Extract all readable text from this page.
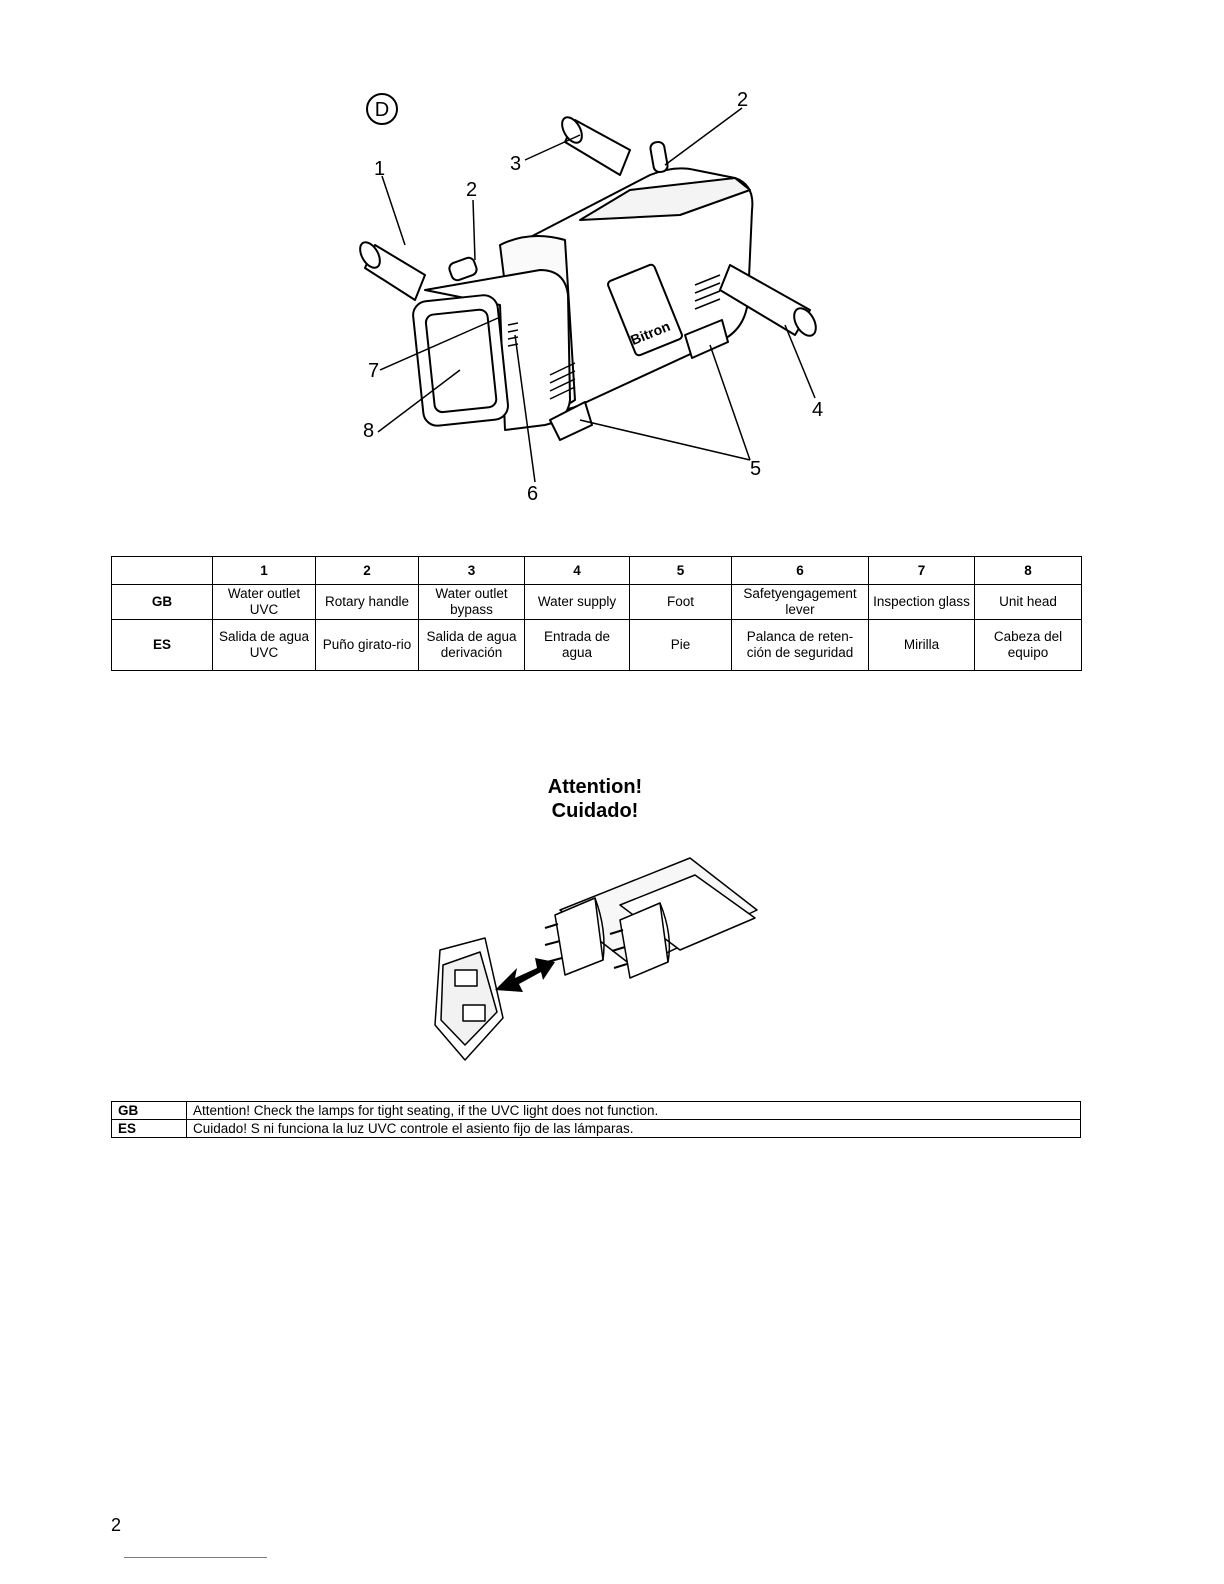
Bitron
1
2
2
3
4
5
6
7
8
D
	1	2	3	4	5	6	7	8
GB	Water outlet UVC	Rotary handle	Water outlet bypass	Water supply	Foot	Safetyengagement lever	Inspection glass	Unit head
ES	Salida de agua UVC	Puño girato-rio	Salida de agua derivación	Entrada de agua	Pie	Palanca de reten-ción de seguridad	Mirilla	Cabeza del equipo
Attention!
Cuidado!
GB	Attention! Check the lamps for tight seating, if the UVC light does not function.
ES	Cuidado! S ni funciona la luz UVC controle el asiento fijo de las lámparas.
2
